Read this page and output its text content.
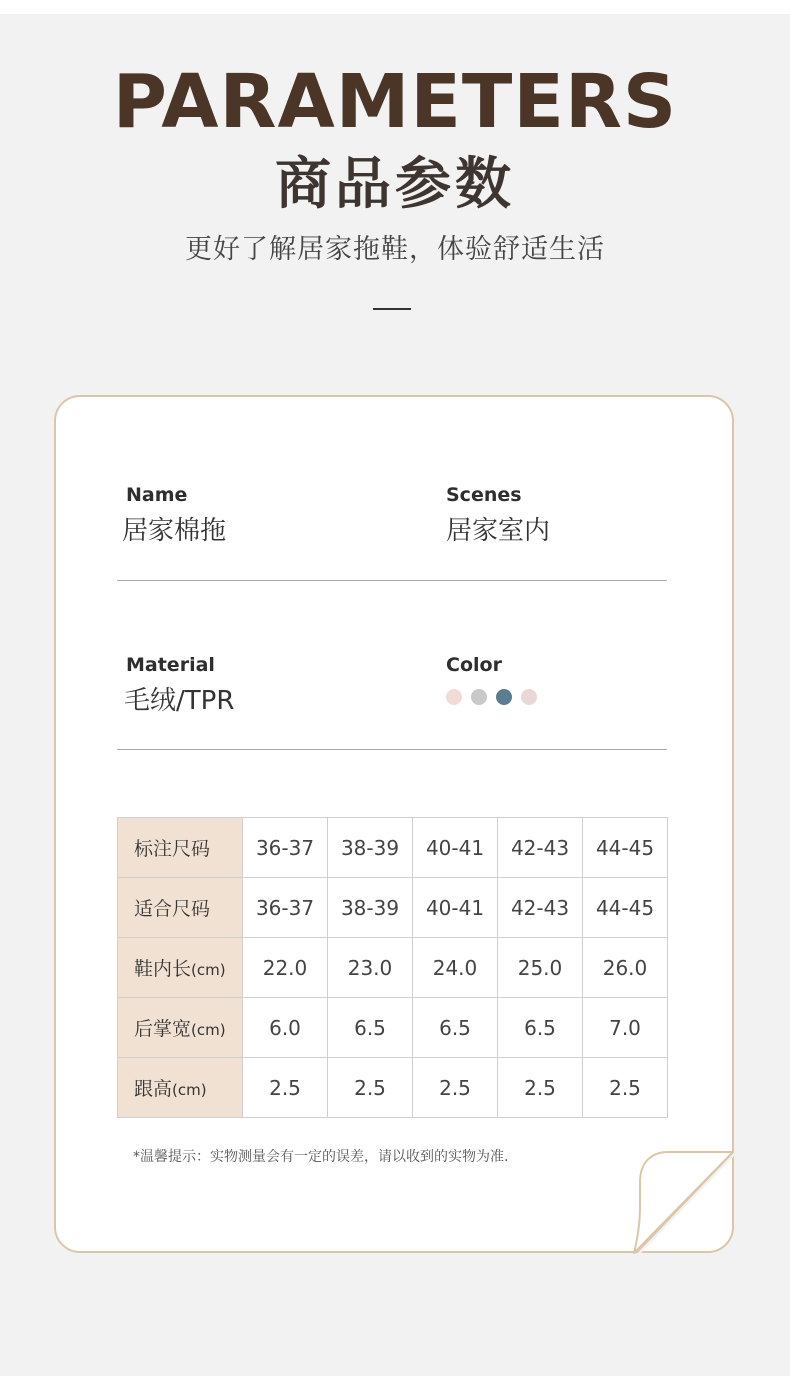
PARAMETERS
商品参数
更好了解居家拖鞋，体验舒适生活
Name
居家棉拖
Scenes
居家室内
Material
毛绒/TPR
Color
标注尺码	36-37	38-39	40-41	42-43	44-45
适合尺码	36-37	38-39	40-41	42-43	44-45
鞋内长(cm)	22.0	23.0	24.0	25.0	26.0
后掌宽(cm)	6.0	6.5	6.5	6.5	7.0
跟高(cm)	2.5	2.5	2.5	2.5	2.5
*温馨提示：实物测量会有一定的误差，请以收到的实物为准.
